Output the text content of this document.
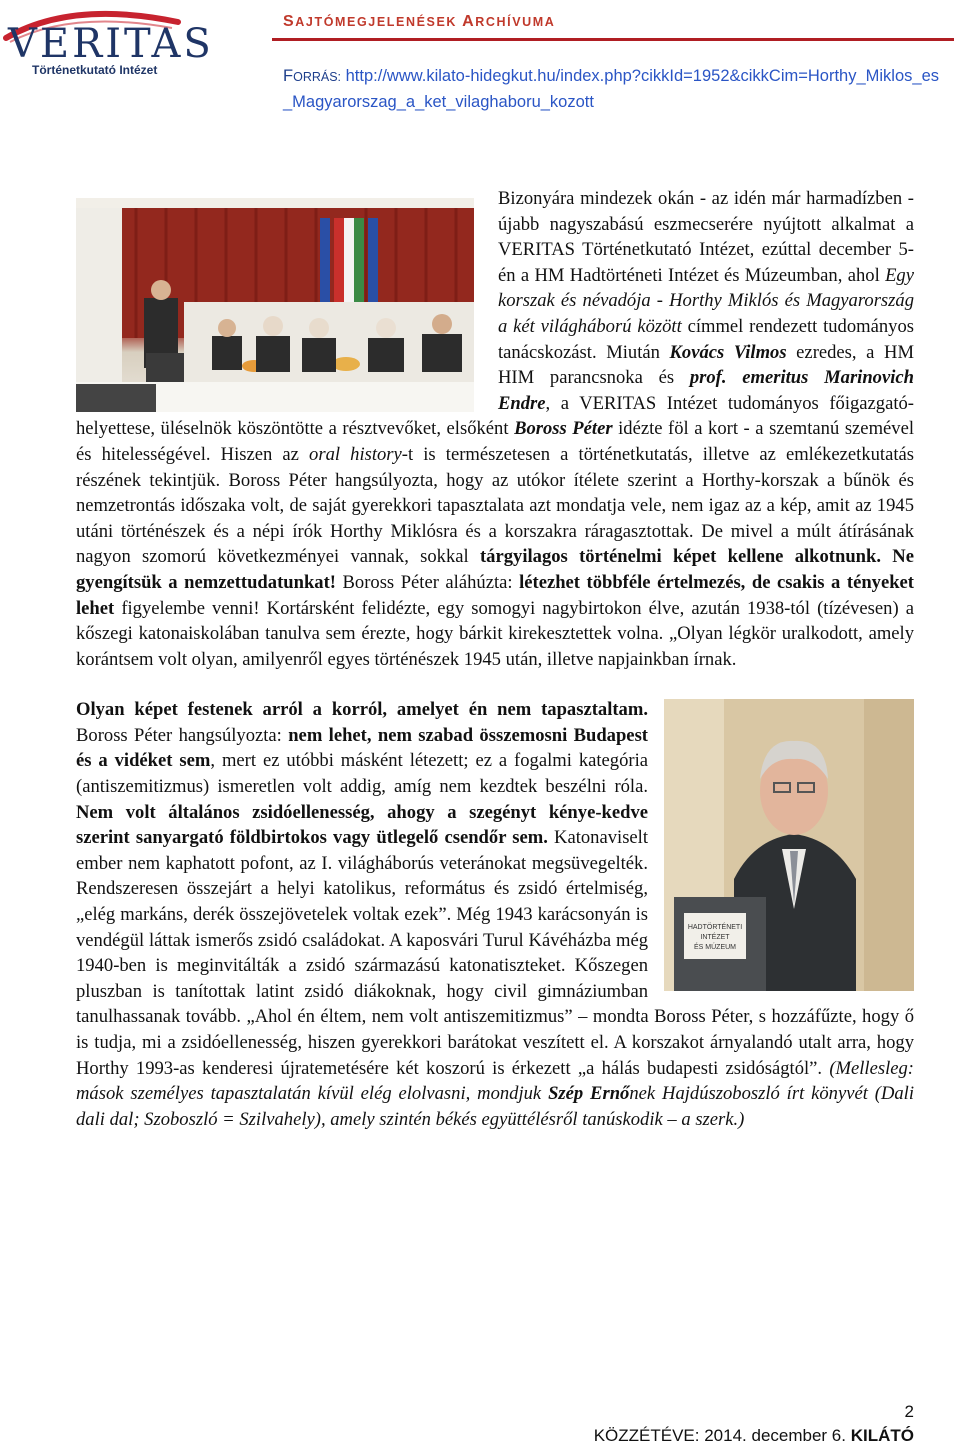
VERITAS
Történetkutató Intézet
SAJTÓMEGJELENÉSEK ARCHÍVUMA
FORRÁS: http://www.kilato-hidegkut.hu/index.php?cikkId=1952&cikkCim=Horthy_Miklos_es_Magyarorszag_a_ket_vilaghaboru_kozott

Bizonyára mindezek okán - az idén már harmadízben - újabb nagyszabású eszmecserére nyújtott alkalmat a VERITAS Történetkutató Intézet, ezúttal december 5-én a HM Hadtörténeti Intézet és Múzeumban, ahol Egy korszak és névadója - Horthy Miklós és Magyarország a két világháború között címmel rendezett tudományos tanácskozást. Miután Kovács Vilmos ezredes, a HM HIM parancsnoka és prof. emeritus Marinovich Endre, a VERITAS Intézet tudományos főigazgató-helyettese, üléselnök köszöntötte a résztvevőket, elsőként Boross Péter idézte föl a kort - a szemtanú szemével és hitelességével. Hiszen az oral history-t is természetesen a történetkutatás, illetve az emlékezetkutatás részének tekintjük. Boross Péter hangsúlyozta, hogy az utókor ítélete szerint a Horthy-korszak a bűnök és nemzetrontás időszaka volt, de saját gyerekkori tapasztalata azt mondatja vele, nem igaz az a kép, amit az 1945 utáni történészek és a népi írók Horthy Miklósra és a korszakra ráragasztottak. De mivel a múlt átírásának nagyon szomorú következményei vannak, sokkal tárgyilagos történelmi képet kellene alkotnunk. Ne gyengítsük a nemzettudatunkat! Boross Péter aláhúzta: létezhet többféle értelmezés, de csakis a tényeket lehet figyelembe venni! Kortársként felidézte, egy somogyi nagybirtokon élve, azután 1938-tól (tízévesen) a kőszegi katonaiskolában tanulva sem érezte, hogy bárkit kirekesztettek volna. „Olyan légkör uralkodott, amely korántsem volt olyan, amilyenről egyes történészek 1945 után, illetve napjainkban írnak.

HADTÖRTÉNETI
INTÉZET
ÉS MÚZEUM
Olyan képet festenek arról a korról, amelyet én nem tapasztaltam. Boross Péter hangsúlyozta: nem lehet, nem szabad összemosni Budapest és a vidéket sem, mert ez utóbbi másként létezett; ez a fogalmi kategória (antiszemitizmus) ismeretlen volt addig, amíg nem kezdtek beszélni róla. Nem volt általános zsidóellenesség, ahogy a szegényt kénye-kedve szerint sanyargató földbirtokos vagy ütlegelő csendőr sem. Katonaviselt ember nem kaphatott pofont, az I. világháborús veteránokat megsüvegelték. Rendszeresen összejárt a helyi katolikus, református és zsidó értelmiség, „elég markáns, derék összejövetelek voltak ezek”. Még 1943 karácsonyán is vendégül láttak ismerős zsidó családokat. A kaposvári Turul Kávéházba még 1940-ben is meginvitálták a zsidó származású katonatiszteket. Kőszegen pluszban is tanítottak latint zsidó diákoknak, hogy civil gimnáziumban tanulhassanak tovább. „Ahol én éltem, nem volt antiszemitizmus” – mondta Boross Péter, s hozzáfűzte, hogy ő is tudja, mi a zsidóellenesség, hiszen gyerekkori barátokat veszített el. A korszakot árnyalandó utalt arra, hogy Horthy 1993-as kenderesi újratemetésére két koszorú is érkezett „a hálás budapesti zsidóságtól”. (Mellesleg: mások személyes tapasztalatán kívül elég elolvasni, mondjuk Szép Ernőnek Hajdúszoboszló írt könyvét (Dali dali dal; Szoboszló = Szilvahely), amely szintén békés együttélésről tanúskodik – a szerk.)

2
KÖZZÉTÉVE: 2014. december 6. KILÁTÓ
